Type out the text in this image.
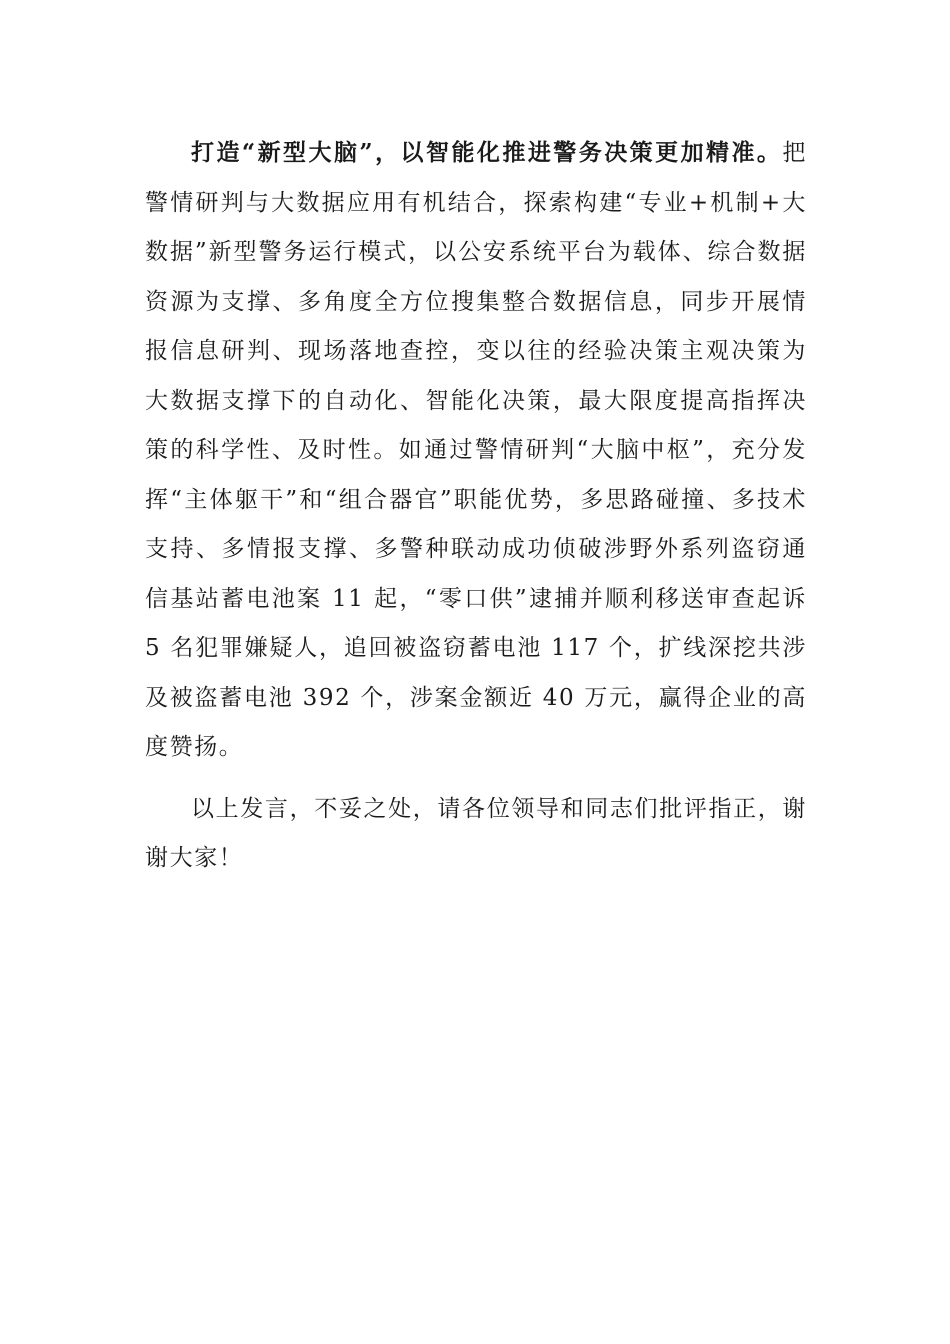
打造“新型大脑”，以智能化推进警务决策更加精准。把警情研判与大数据应用有机结合，探索构建“专业+机制+大数据”新型警务运行模式，以公安系统平台为载体、综合数据资源为支撑、多角度全方位搜集整合数据信息，同步开展情报信息研判、现场落地查控，变以往的经验决策主观决策为大数据支撑下的自动化、智能化决策，最大限度提高指挥决策的科学性、及时性。如通过警情研判“大脑中枢”，充分发挥“主体躯干”和“组合器官”职能优势，多思路碰撞、多技术支持、多情报支撑、多警种联动成功侦破涉野外系列盗窃通信基站蓄电池案 11 起，“零口供”逮捕并顺利移送审查起诉 5 名犯罪嫌疑人，追回被盗窃蓄电池 117 个，扩线深挖共涉及被盗蓄电池 392 个，涉案金额近 40 万元，赢得企业的高度赞扬。

以上发言，不妥之处，请各位领导和同志们批评指正，谢谢大家！
